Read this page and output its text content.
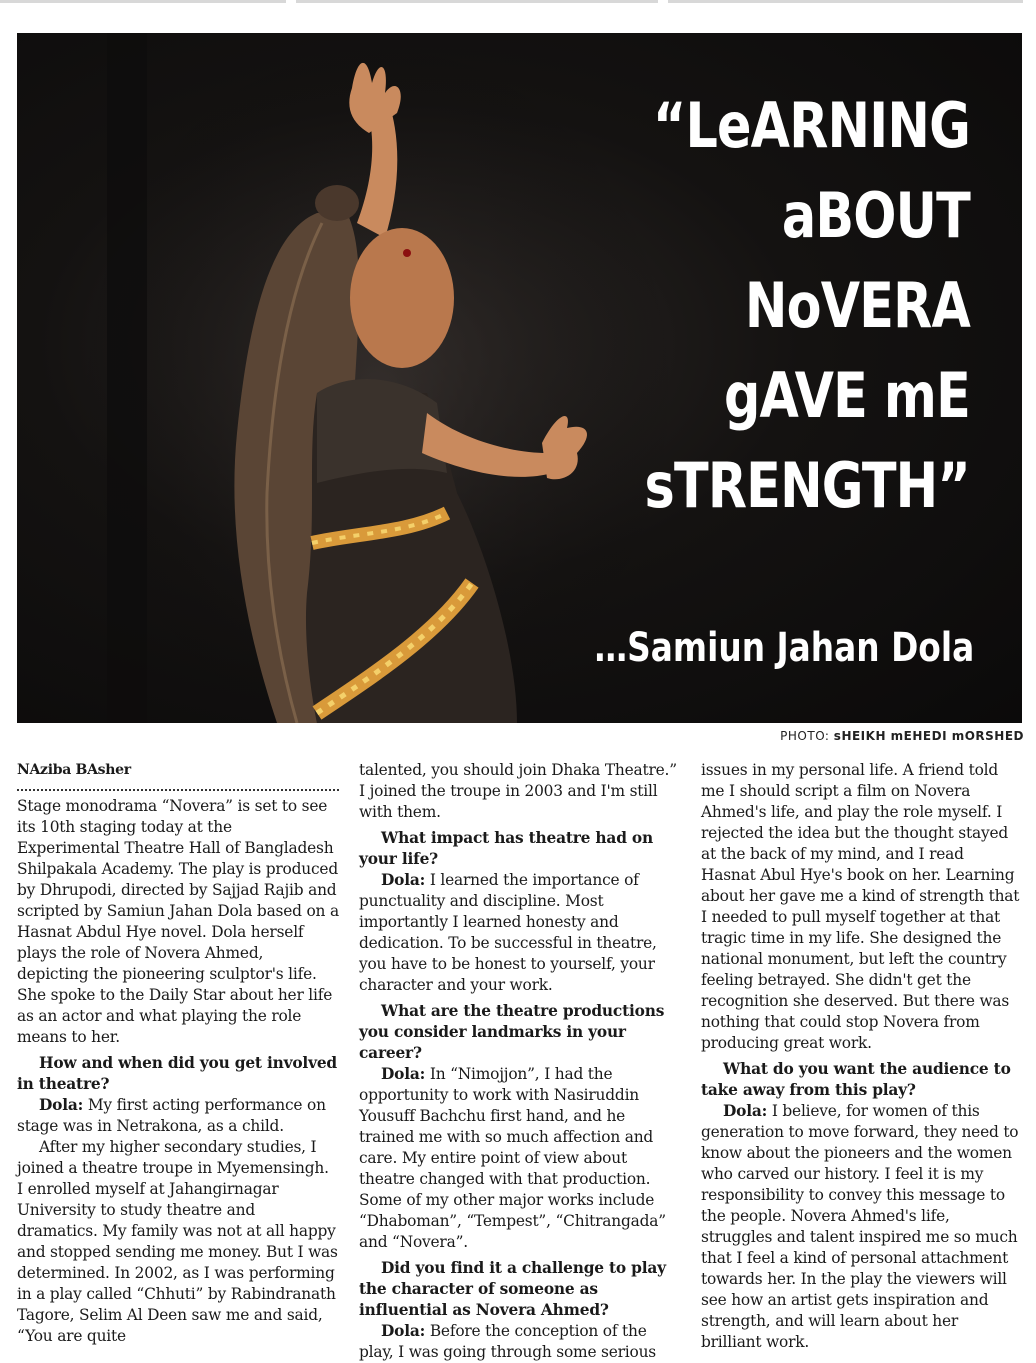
“LeARNING
aBOUT
NoVERA
gAVE mE
sTRENGTH”
…Samiun Jahan Dola
PHOTO: sHEIKH mEHEDI mORSHED
NAziba BAsher

Stage monodrama “Novera” is set to see its 10th staging today at the Experimental Theatre Hall of Bangladesh Shilpakala Academy. The play is produced by Dhrupodi, directed by Sajjad Rajib and scripted by Samiun Jahan Dola based on a Hasnat Abdul Hye novel. Dola herself plays the role of Novera Ahmed, depicting the pioneering sculptor's life. She spoke to the Daily Star about her life as an actor and what playing the role means to her.

How and when did you get involved in theatre?

Dola: My first acting performance on stage was in Netrakona, as a child.

After my higher secondary studies, I joined a theatre troupe in Myemensingh. I enrolled myself at Jahangirnagar University to study theatre and dramatics. My family was not at all happy and stopped sending me money. But I was determined. In 2002, as I was performing in a play called “Chhuti” by Rabindranath Tagore, Selim Al Deen saw me and said, “You are quite

talented, you should join Dhaka Theatre.” I joined the troupe in 2003 and I'm still with them.

What impact has theatre had on your life?

Dola: I learned the importance of punctuality and discipline. Most importantly I learned honesty and dedication. To be successful in theatre, you have to be honest to yourself, your character and your work.

What are the theatre productions you consider landmarks in your career?

Dola: In “Nimojjon”, I had the opportunity to work with Nasiruddin Yousuff Bachchu first hand, and he trained me with so much affection and care. My entire point of view about theatre changed with that production. Some of my other major works include “Dhaboman”, “Tempest”, “Chitrangada” and “Novera”.

Did you find it a challenge to play the character of someone as influential as Novera Ahmed?

Dola: Before the conception of the play, I was going through some serious

issues in my personal life. A friend told me I should script a film on Novera Ahmed's life, and play the role myself. I rejected the idea but the thought stayed at the back of my mind, and I read Hasnat Abul Hye's book on her. Learning about her gave me a kind of strength that I needed to pull myself together at that tragic time in my life. She designed the national monument, but left the country feeling betrayed. She didn't get the recognition she deserved. But there was nothing that could stop Novera from producing great work.

What do you want the audience to take away from this play?

Dola: I believe, for women of this generation to move forward, they need to know about the pioneers and the women who carved our history. I feel it is my responsibility to convey this message to the people. Novera Ahmed's life, struggles and talent inspired me so much that I feel a kind of personal attachment towards her. In the play the viewers will see how an artist gets inspiration and strength, and will learn about her brilliant work.
